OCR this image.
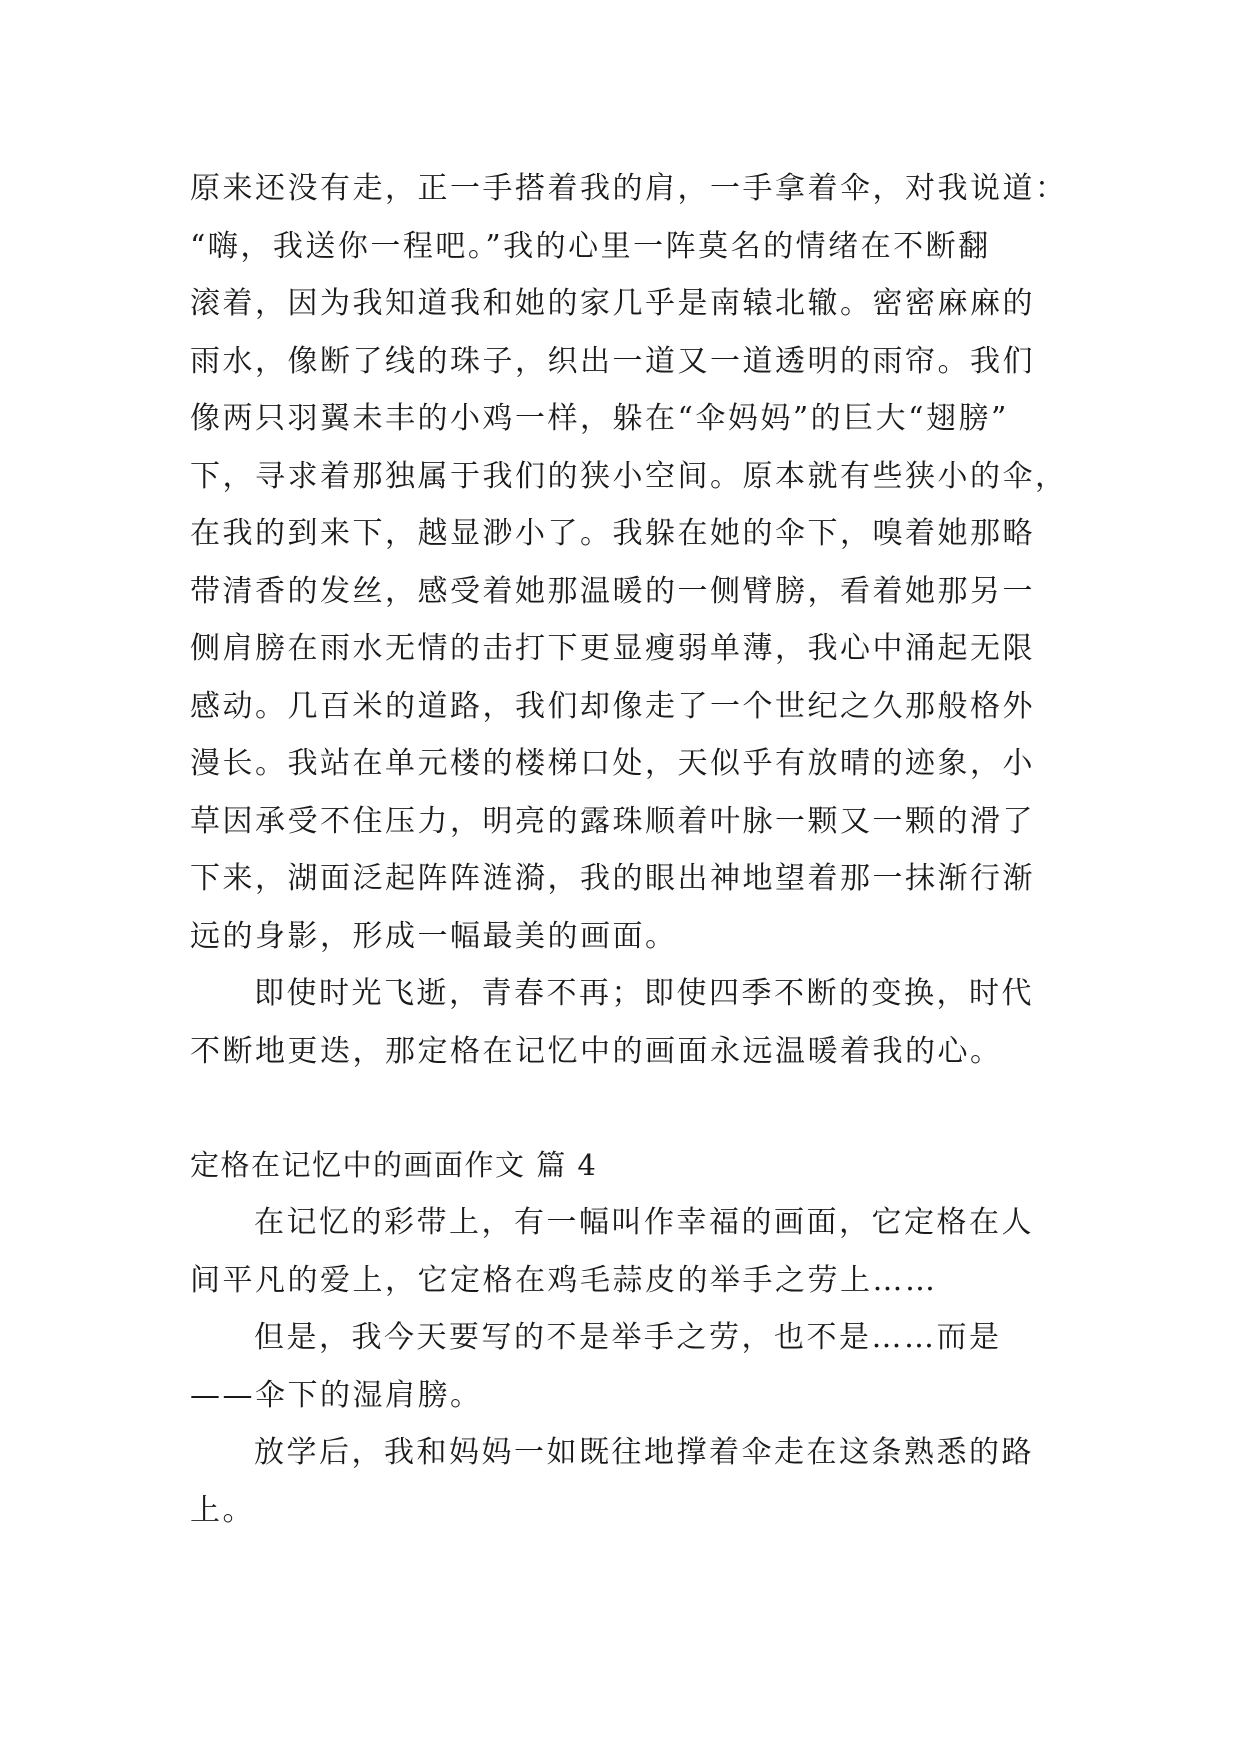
原来还没有走，正一手搭着我的肩，一手拿着伞，对我说道：
“嗨，我送你一程吧。”我的心里一阵莫名的情绪在不断翻
滚着，因为我知道我和她的家几乎是南辕北辙。密密麻麻的
雨水，像断了线的珠子，织出一道又一道透明的雨帘。我们
像两只羽翼未丰的小鸡一样，躲在“伞妈妈”的巨大“翅膀”
下，寻求着那独属于我们的狭小空间。原本就有些狭小的伞，
在我的到来下，越显渺小了。我躲在她的伞下，嗅着她那略
带清香的发丝，感受着她那温暖的一侧臂膀，看着她那另一
侧肩膀在雨水无情的击打下更显瘦弱单薄，我心中涌起无限
感动。几百米的道路，我们却像走了一个世纪之久那般格外
漫长。我站在单元楼的楼梯口处，天似乎有放晴的迹象，小
草因承受不住压力，明亮的露珠顺着叶脉一颗又一颗的滑了
下来，湖面泛起阵阵涟漪，我的眼出神地望着那一抹渐行渐
远的身影，形成一幅最美的画面。

即使时光飞逝，青春不再；即使四季不断的变换，时代
不断地更迭，那定格在记忆中的画面永远温暖着我的心。

定格在记忆中的画面作文 篇 4

在记忆的彩带上，有一幅叫作幸福的画面，它定格在人
间平凡的爱上，它定格在鸡毛蒜皮的举手之劳上……

但是，我今天要写的不是举手之劳，也不是……而是
——伞下的湿肩膀。

放学后，我和妈妈一如既往地撑着伞走在这条熟悉的路
上。
